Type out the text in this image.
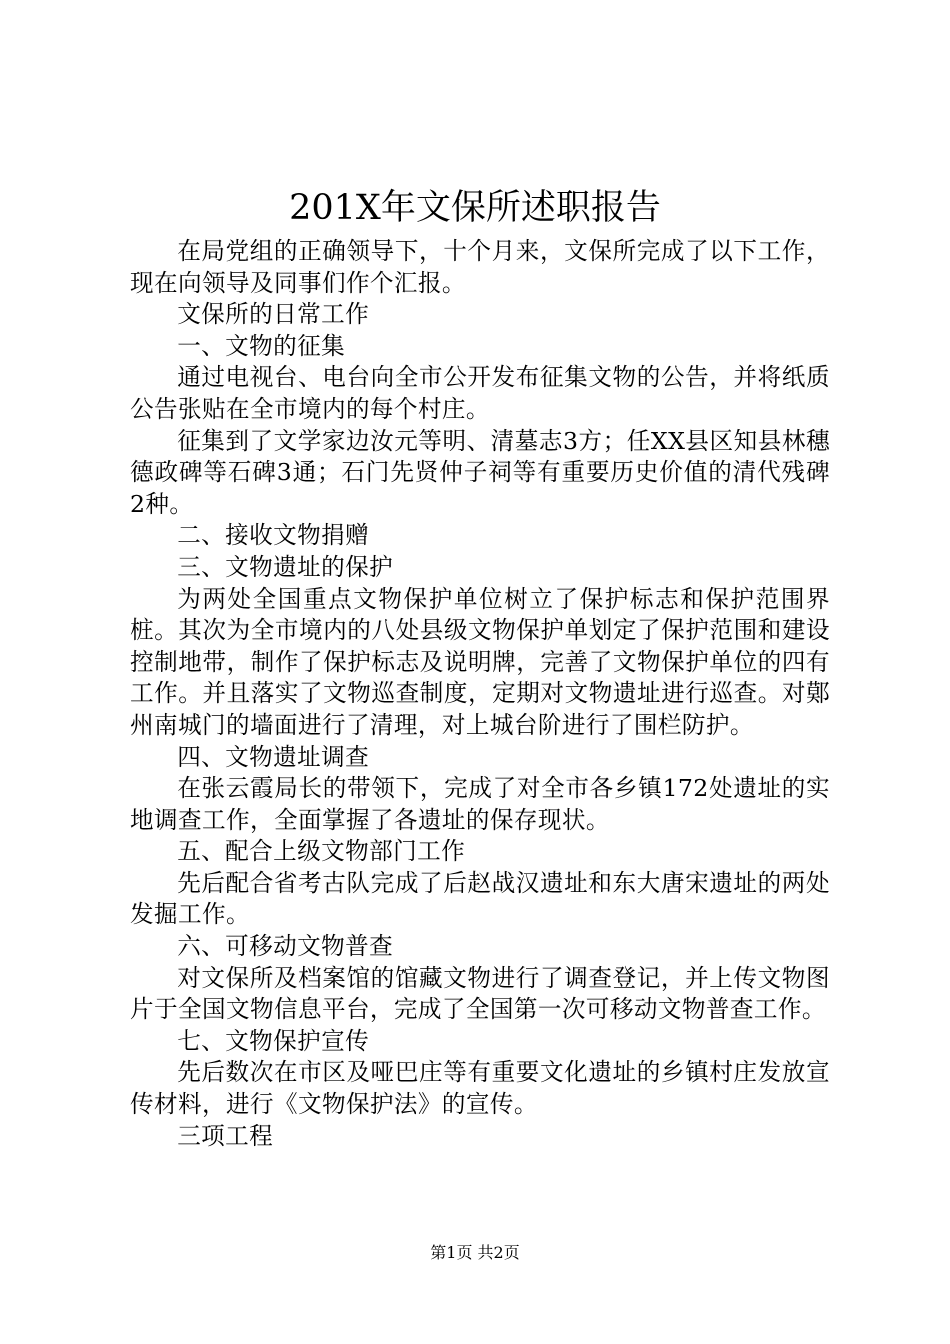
201X年文保所述职报告

在局党组的正确领导下，十个月来，文保所完成了以下工作，现在向领导及同事们作个汇报。

文保所的日常工作

一、文物的征集

通过电视台、电台向全市公开发布征集文物的公告，并将纸质公告张贴在全市境内的每个村庄。

征集到了文学家边汝元等明、清墓志3方；任XX县区知县林穗德政碑等石碑3通；石门先贤仲子祠等有重要历史价值的清代残碑2种。

二、接收文物捐赠

三、文物遗址的保护

为两处全国重点文物保护单位树立了保护标志和保护范围界桩。其次为全市境内的八处县级文物保护单划定了保护范围和建设控制地带，制作了保护标志及说明牌，完善了文物保护单位的四有工作。并且落实了文物巡查制度，定期对文物遗址进行巡查。对鄚州南城门的墙面进行了清理，对上城台阶进行了围栏防护。

四、文物遗址调查

在张云霞局长的带领下，完成了对全市各乡镇172处遗址的实地调查工作，全面掌握了各遗址的保存现状。

五、配合上级文物部门工作

先后配合省考古队完成了后赵战汉遗址和东大唐宋遗址的两处发掘工作。

六、可移动文物普查

对文保所及档案馆的馆藏文物进行了调查登记，并上传文物图片于全国文物信息平台，完成了全国第一次可移动文物普查工作。

七、文物保护宣传

先后数次在市区及哑巴庄等有重要文化遗址的乡镇村庄发放宣传材料，进行《文物保护法》的宣传。

三项工程

第1页 共2页
